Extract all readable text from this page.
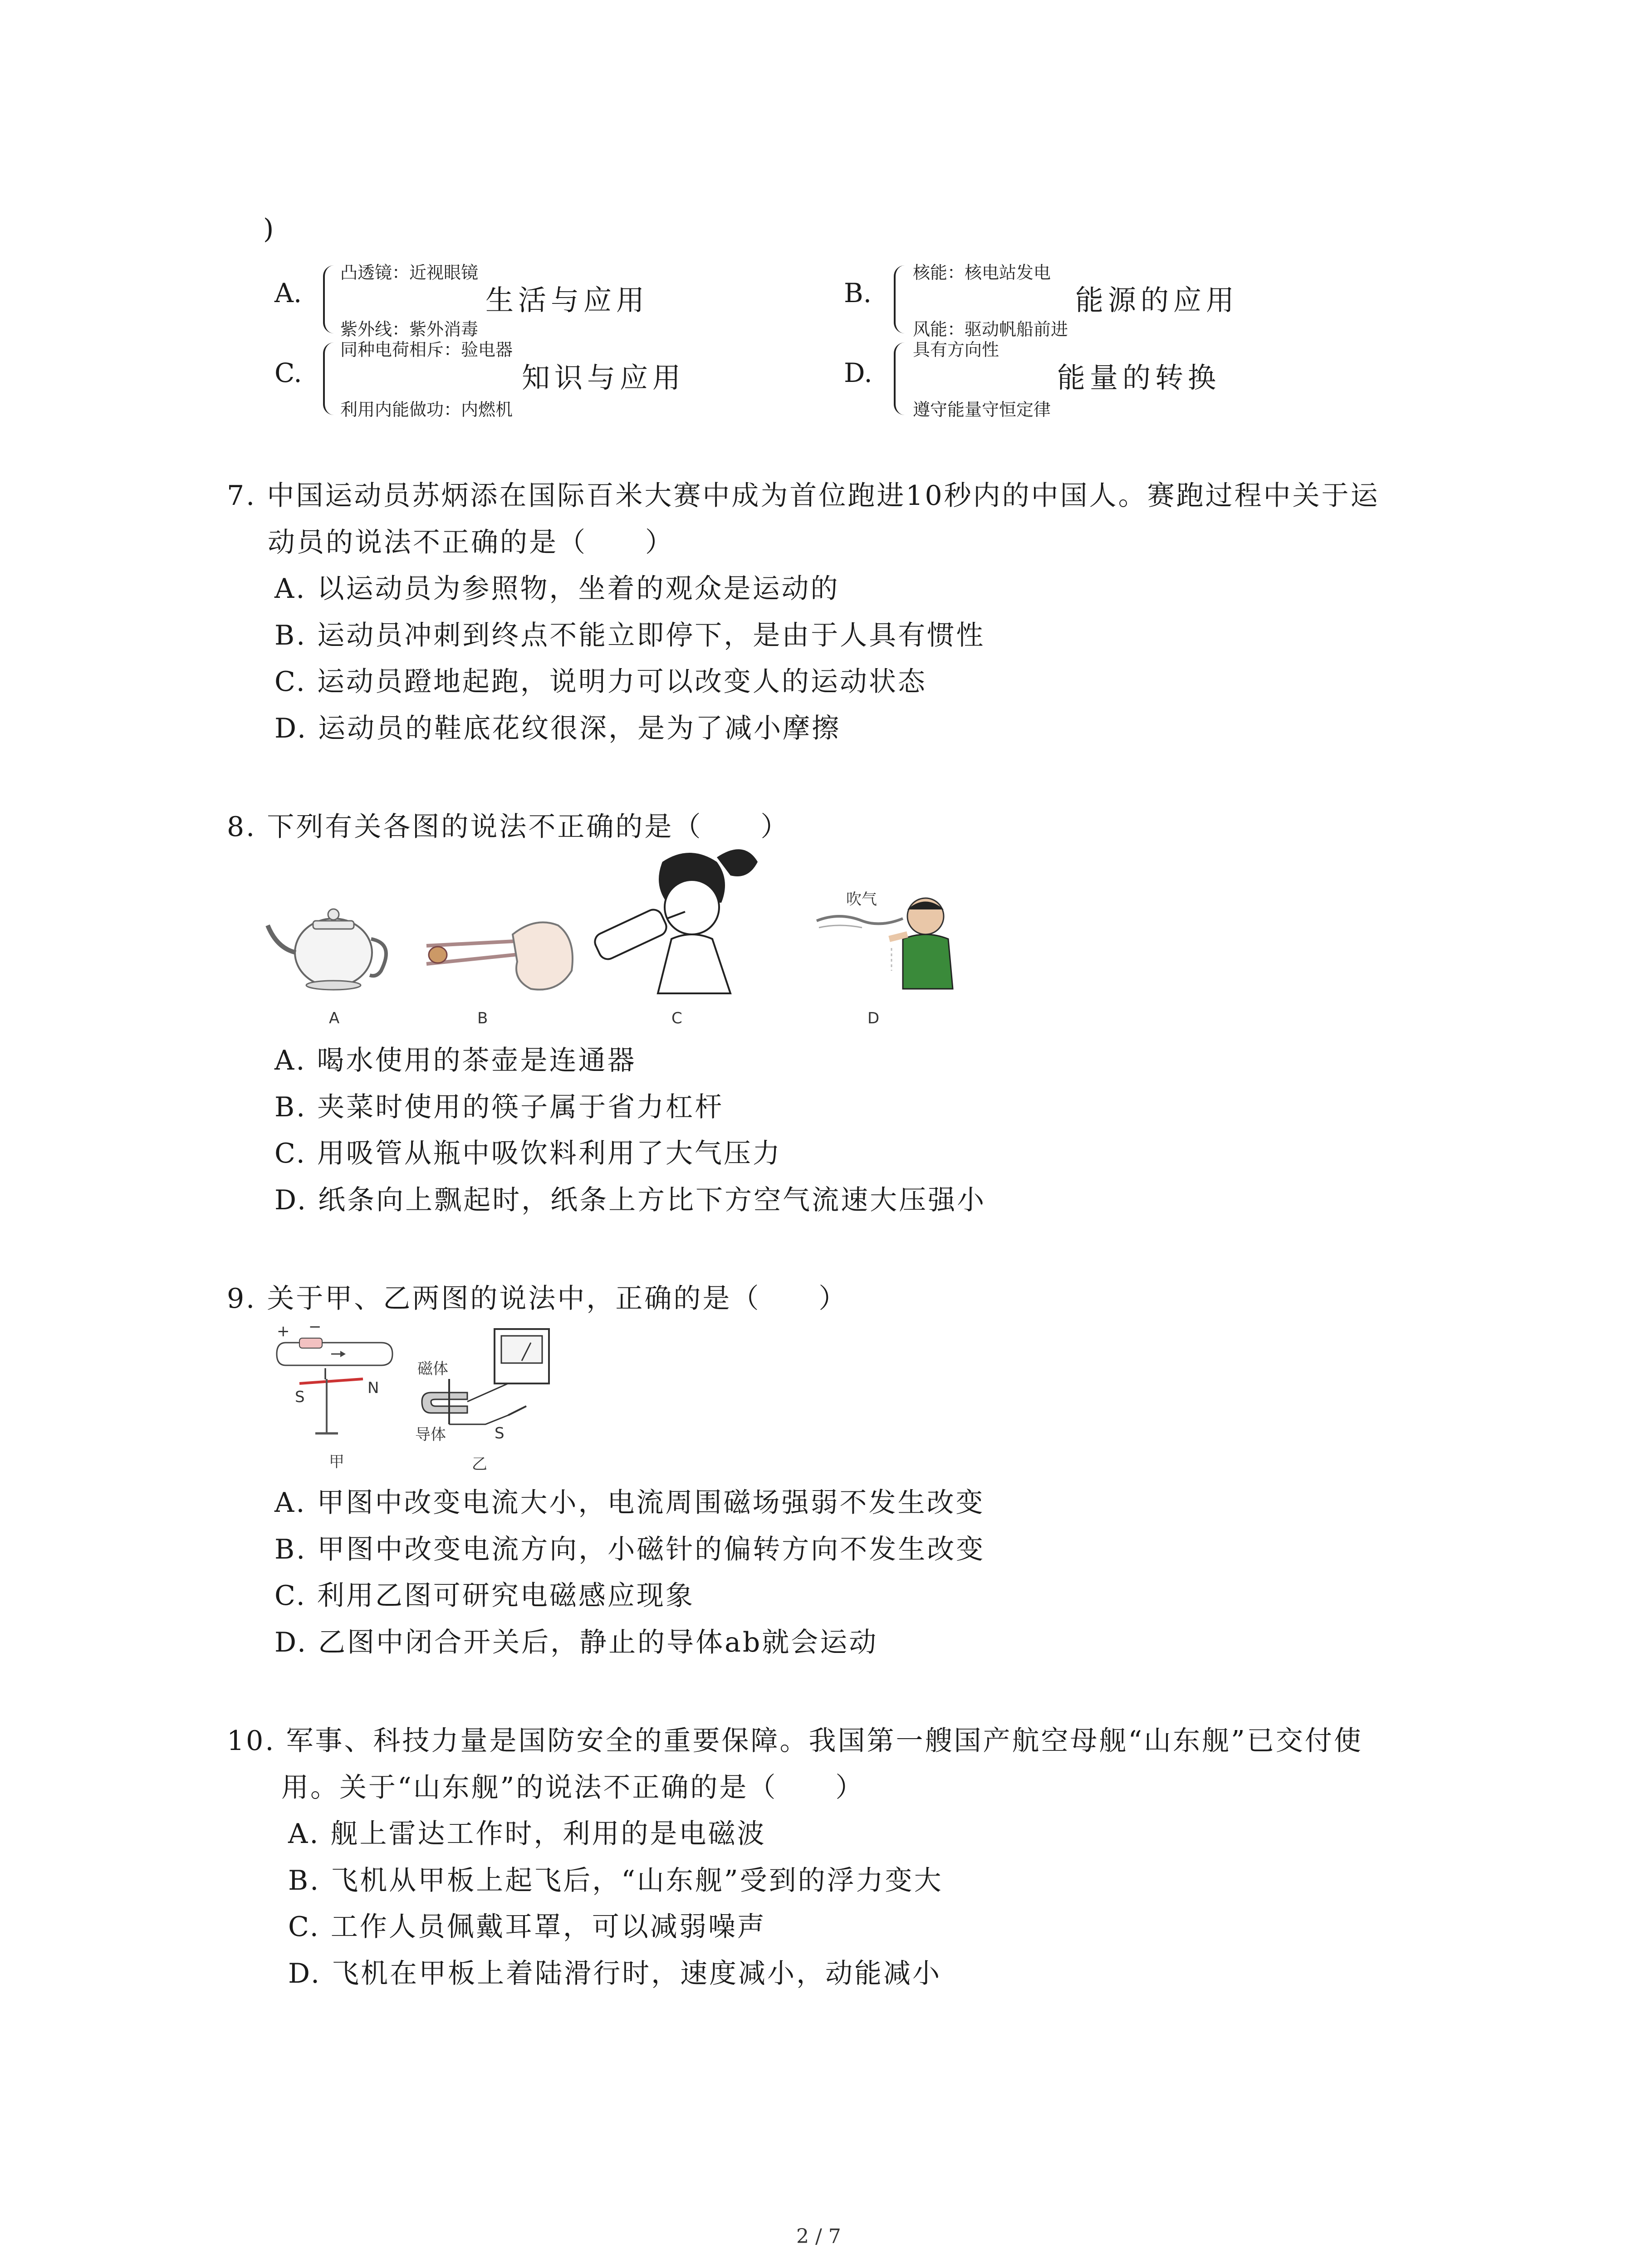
)
A.
凸透镜：近视眼镜
紫外线：紫外消毒
生活与应用	B.
核能：核电站发电
风能：驱动帆船前进
能源的应用
C.
同种电荷相斥：验电器
利用内能做功：内燃机
知识与应用	D.
具有方向性
遵守能量守恒定律
能量的转换
7. 中国运动员苏炳添在国际百米大赛中成为首位跑进10秒内的中国人。赛跑过程中关于运
动员的说法不正确的是（　　）
A. 以运动员为参照物，坐着的观众是运动的
B. 运动员冲刺到终点不能立即停下，是由于人具有惯性
C. 运动员蹬地起跑，说明力可以改变人的运动状态
D. 运动员的鞋底花纹很深，是为了减小摩擦
8. 下列有关各图的说法不正确的是（　　）
A	B	C
吹气
D
A. 喝水使用的茶壶是连通器
B. 夹菜时使用的筷子属于省力杠杆
C. 用吸管从瓶中吸饮料利用了大气压力
D. 纸条向上飘起时，纸条上方比下方空气流速大压强小
9. 关于甲、乙两图的说法中，正确的是（　　）
+ −
I
S	N
甲
磁体
导体	S
乙
A. 甲图中改变电流大小，电流周围磁场强弱不发生改变
B. 甲图中改变电流方向，小磁针的偏转方向不发生改变
C. 利用乙图可研究电磁感应现象
D. 乙图中闭合开关后，静止的导体ab就会运动
10. 军事、科技力量是国防安全的重要保障。我国第一艘国产航空母舰“山东舰”已交付使
用。关于“山东舰”的说法不正确的是（　　）
A. 舰上雷达工作时，利用的是电磁波
B. 飞机从甲板上起飞后，“山东舰”受到的浮力变大
C. 工作人员佩戴耳罩，可以减弱噪声
D. 飞机在甲板上着陆滑行时，速度减小，动能减小
2 / 7
